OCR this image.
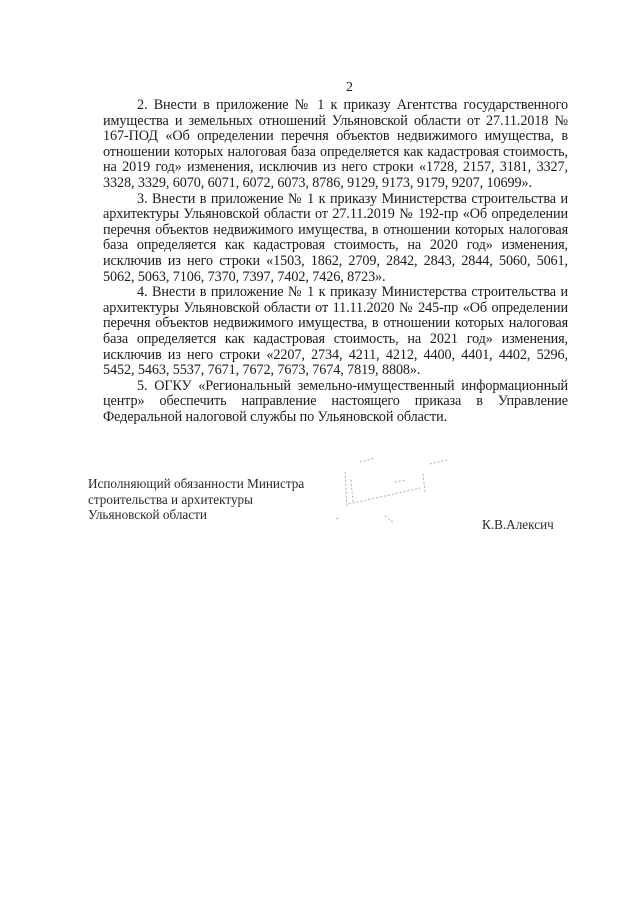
2

2. Внести в приложение № 1 к приказу Агентства государственного имущества и земельных отношений Ульяновской области от 27.11.2018 № 167-ПОД «Об определении перечня объектов недвижимого имущества, в отношении которых налоговая база определяется как кадастровая стоимость, на 2019 год» изменения, исключив из него строки «1728, 2157, 3181, 3327, 3328, 3329, 6070, 6071, 6072, 6073, 8786, 9129, 9173, 9179, 9207, 10699».

3. Внести в приложение № 1 к приказу Министерства строительства и архитектуры Ульяновской области от 27.11.2019 № 192-пр «Об определении перечня объектов недвижимого имущества, в отношении которых налоговая база определяется как кадастровая стоимость, на 2020 год» изменения, исключив из него строки «1503, 1862, 2709, 2842, 2843, 2844, 5060, 5061, 5062, 5063, 7106, 7370, 7397, 7402, 7426, 8723».

4. Внести в приложение № 1 к приказу Министерства строительства и архитектуры Ульяновской области от 11.11.2020 № 245-пр «Об определении перечня объектов недвижимого имущества, в отношении которых налоговая база определяется как кадастровая стоимость, на 2021 год» изменения, исключив из него строки «2207, 2734, 4211, 4212, 4400, 4401, 4402, 5296, 5452, 5463, 5537, 7671, 7672, 7673, 7674, 7819, 8808».

5. ОГКУ «Региональный земельно-имущественный информационный центр» обеспечить направление настоящего приказа в Управление Федеральной налоговой службы по Ульяновской области.

Исполняющий обязанности Министра
строительства и архитектуры
Ульяновской области
К.В.Алексич
